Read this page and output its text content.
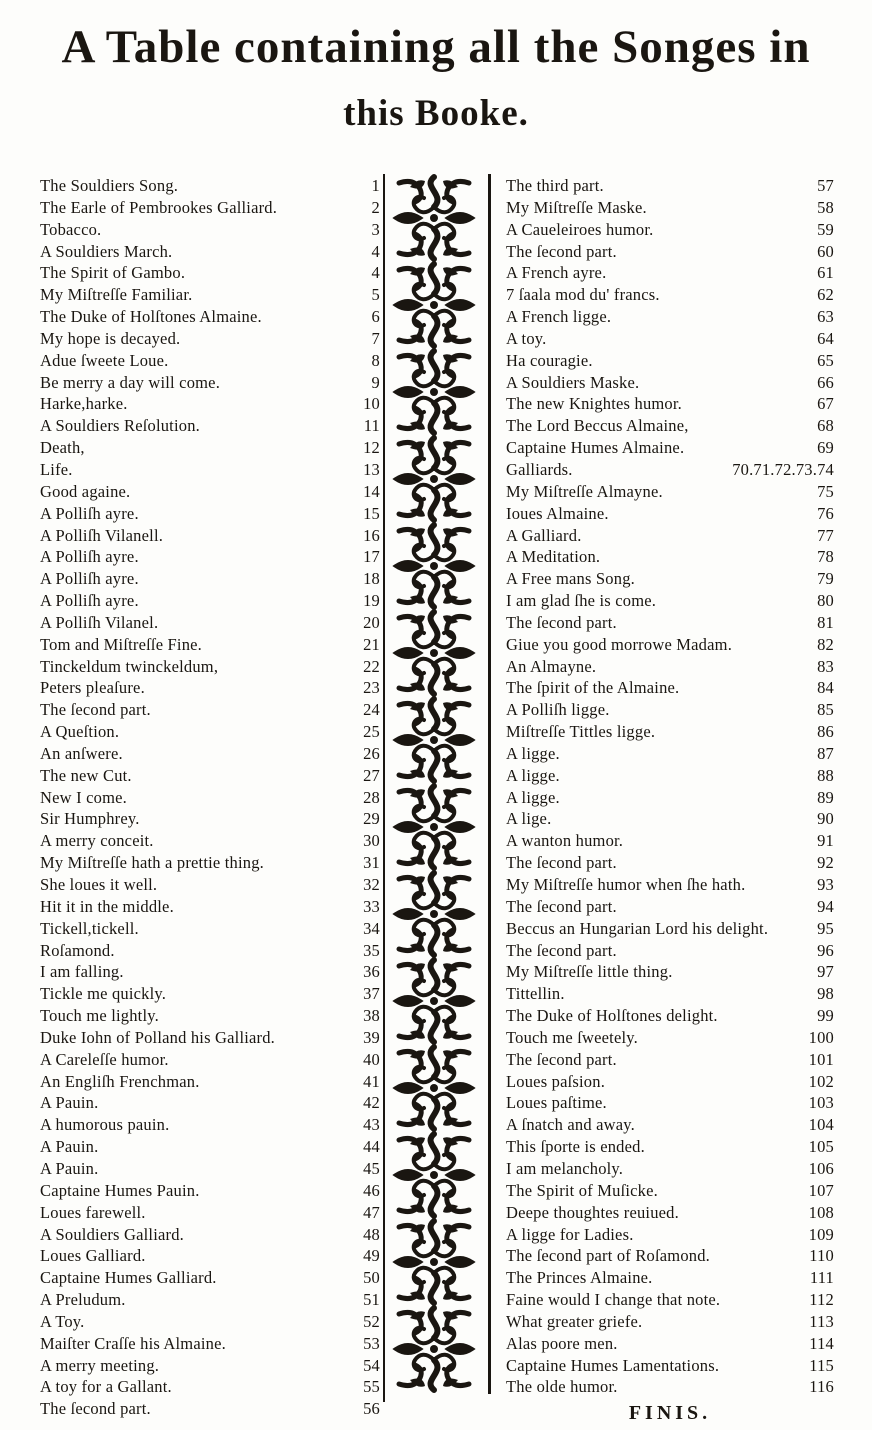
A Table containing all the Songes in
this Booke.
The Souldiers Song.	1
The Earle of Pembrookes Galliard.	2
Tobacco.	3
A Souldiers March.	4
The Spirit of Gambo.	4
My Miſtreſſe Familiar.	5
The Duke of Holſtones Almaine.	6
My hope is decayed.	7
Adue ſweete Loue.	8
Be merry a day will come.	9
Harke,harke.	10
A Souldiers Reſolution.	11
Death,	12
Life.	13
Good againe.	14
A Polliſh ayre.	15
A Polliſh Vilanell.	16
A Polliſh ayre.	17
A Polliſh ayre.	18
A Polliſh ayre.	19
A Polliſh Vilanel.	20
Tom and Miſtreſſe Fine.	21
Tinckeldum twinckeldum,	22
Peters pleaſure.	23
The ſecond part.	24
A Queſtion.	25
An anſwere.	26
The new Cut.	27
New I come.	28
Sir Humphrey.	29
A merry conceit.	30
My Miſtreſſe hath a prettie thing.	31
She loues it well.	32
Hit it in the middle.	33
Tickell,tickell.	34
Roſamond.	35
I am falling.	36
Tickle me quickly.	37
Touch me lightly.	38
Duke Iohn of Polland his Galliard.	39
A Careleſſe humor.	40
An Engliſh Frenchman.	41
A Pauin.	42
A humorous pauin.	43
A Pauin.	44
A Pauin.	45
Captaine Humes Pauin.	46
Loues farewell.	47
A Souldiers Galliard.	48
Loues Galliard.	49
Captaine Humes Galliard.	50
A Preludum.	51
A Toy.	52
Maiſter Craſſe his Almaine.	53
A merry meeting.	54
A toy for a Gallant.	55
The ſecond part.	56
The third part.	57
My Miſtreſſe Maske.	58
A Caueleiroes humor.	59
The ſecond part.	60
A French ayre.	61
7 ſaala mod du' francs.	62
A French ligge.	63
A toy.	64
Ha couragie.	65
A Souldiers Maske.	66
The new Knightes humor.	67
The Lord Beccus Almaine,	68
Captaine Humes Almaine.	69
Galliards.	70.71.72.73.74
My Miſtreſſe Almayne.	75
Ioues Almaine.	76
A Galliard.	77
A Meditation.	78
A Free mans Song.	79
I am glad ſhe is come.	80
The ſecond part.	81
Giue you good morrowe Madam.	82
An Almayne.	83
The ſpirit of the Almaine.	84
A Polliſh ligge.	85
Miſtreſſe Tittles ligge.	86
A ligge.	87
A ligge.	88
A ligge.	89
A lige.	90
A wanton humor.	91
The ſecond part.	92
My Miſtreſſe humor when ſhe hath.	93
The ſecond part.	94
Beccus an Hungarian Lord his delight.	95
The ſecond part.	96
My Miſtreſſe little thing.	97
Tittellin.	98
The Duke of Holſtones delight.	99
Touch me ſweetely.	100
The ſecond part.	101
Loues paſsion.	102
Loues paſtime.	103
A ſnatch and away.	104
This ſporte is ended.	105
I am melancholy.	106
The Spirit of Muſicke.	107
Deepe thoughtes reuiued.	108
A ligge for Ladies.	109
The ſecond part of Roſamond.	110
The Princes Almaine.	111
Faine would I change that note.	112
What greater griefe.	113
Alas poore men.	114
Captaine Humes Lamentations.	115
The olde humor.	116
FINIS.
